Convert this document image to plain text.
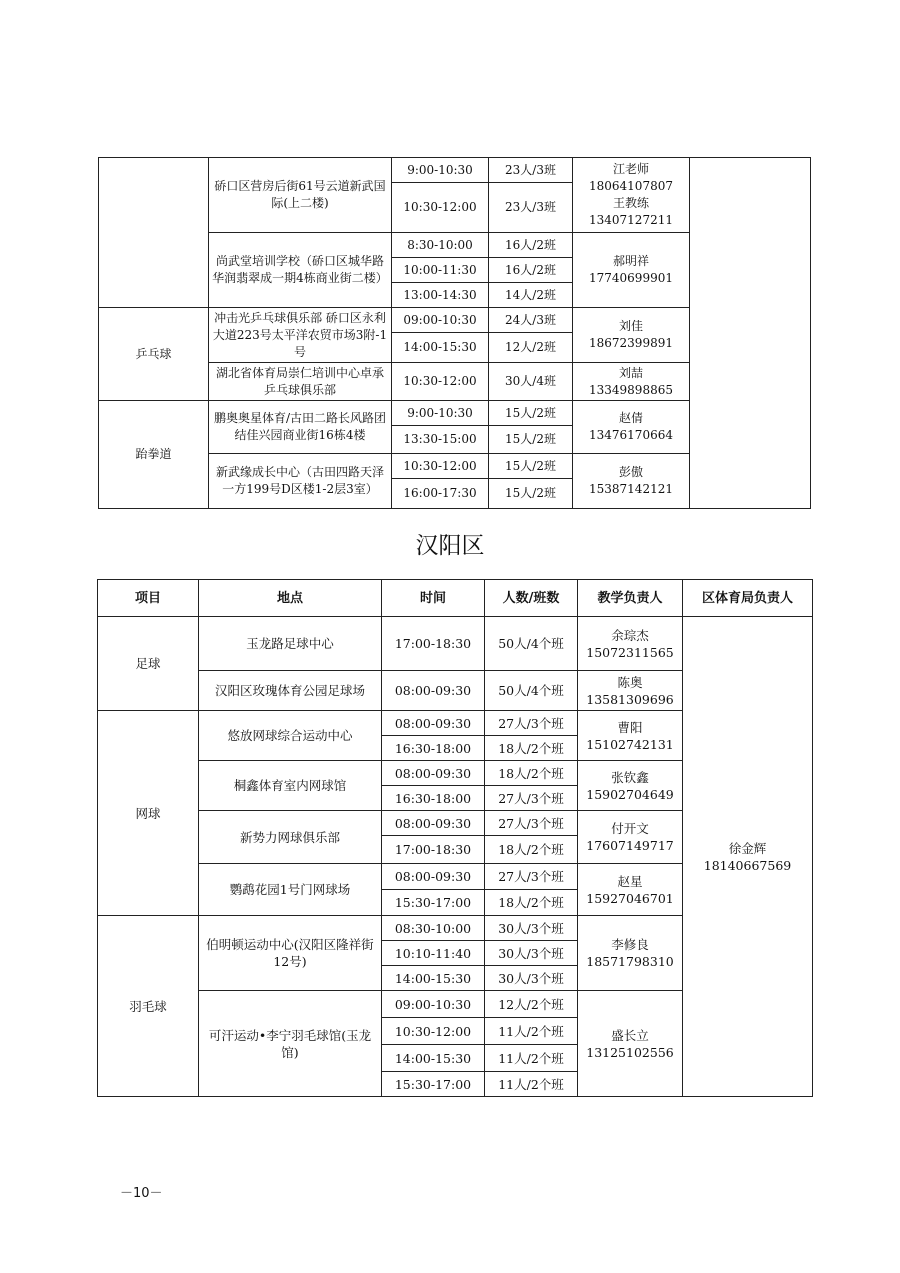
	硚口区营房后街61号云道新武国际(上二楼)	9:00-10:30	23人/3班	江老师
18064107807
王教练
13407127211	

		10:30-12:00	23人/3班		
	尚武堂培训学校（硚口区城华路华润翡翠成一期4栋商业街二楼）	8:30-10:00	16人/2班	郝明祥
17740699901	

		10:00-11:30	16人/2班		
		13:00-14:30	14人/2班		
乒乓球	冲击光乒乓球俱乐部 硚口区永利大道223号太平洋农贸市场3附-1号	09:00-10:30	24人/3班	刘佳
18672399891	

		14:00-15:30	12人/2班		
	湖北省体育局崇仁培训中心卓承乒乓球俱乐部	10:30-12:00	30人/4班	刘喆
13349898865	

跆拳道	鹏奥奥星体育/古田二路长风路团结佳兴园商业街16栋4楼	9:00-10:30	15人/2班	赵倩
13476170664	

		13:30-15:00	15人/2班		
	新武缘成长中心（古田四路天泽一方199号D区楼1-2层3室）	10:30-12:00	15人/2班	彭傲
15387142121	

		16:00-17:30	15人/2班		
汉阳区
项目	地点	时间	人数/班数	教学负责人	区体育局负责人
足球	玉龙路足球中心	17:00-18:30	50人/4个班	余琮杰
15072311565	徐金辉
18140667569

	汉阳区玫瑰体育公园足球场	08:00-09:30	50人/4个班	陈奥
13581309696	

网球	悠放网球综合运动中心	08:00-09:30	27人/3个班	曹阳
15102742131	

		16:30-18:00	18人/2个班		
	桐鑫体育室内网球馆	08:00-09:30	18人/2个班	张钦鑫
15902704649	

		16:30-18:00	27人/3个班		
	新势力网球俱乐部	08:00-09:30	27人/3个班	付开文
17607149717	

		17:00-18:30	18人/2个班		
	鹦鹉花园1号门网球场	08:00-09:30	27人/3个班	赵星
15927046701	

		15:30-17:00	18人/2个班		
羽毛球	伯明顿运动中心(汉阳区隆祥街12号)	08:30-10:00	30人/3个班	李修良
18571798310	

		10:10-11:40	30人/3个班		
		14:00-15:30	30人/3个班		
	可汗运动•李宁羽毛球馆(玉龙馆)	09:00-10:30	12人/2个班	盛长立
13125102556	

		10:30-12:00	11人/2个班		
		14:00-15:30	11人/2个班		
		15:30-17:00	11人/2个班		
－10－
